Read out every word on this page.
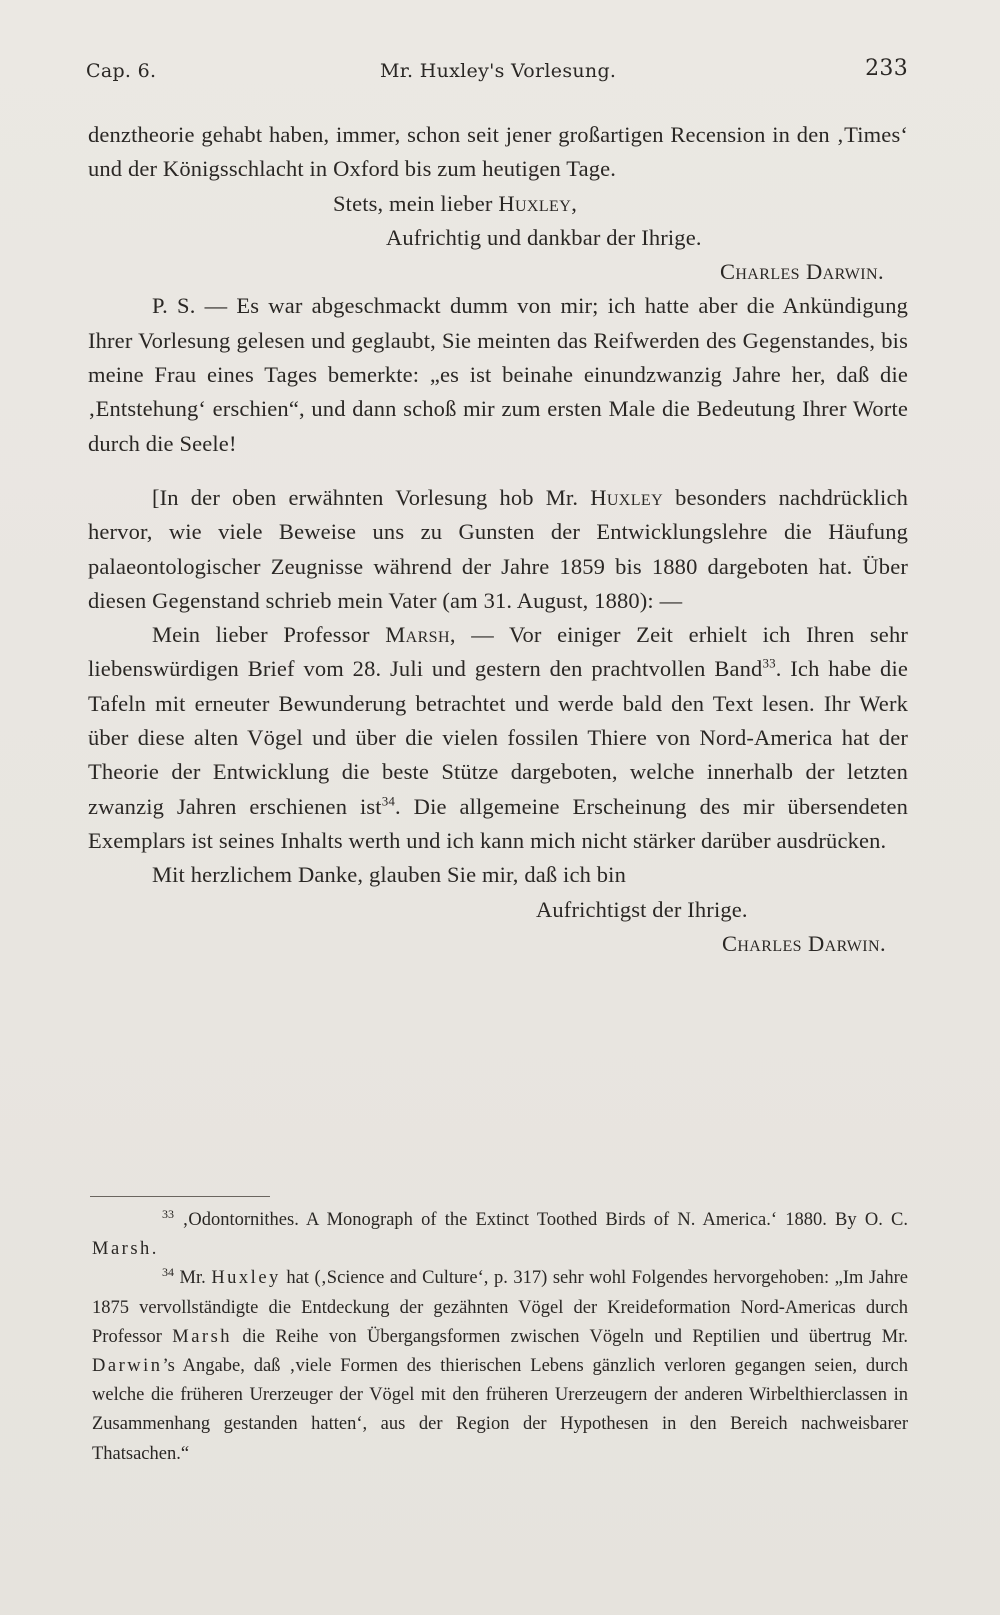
Cap. 6.	Mr. Huxley's Vorlesung.	233

denztheorie gehabt haben, immer, schon seit jener großartigen Recension in den ‚Times‘ und der Königsschlacht in Oxford bis zum heutigen Tage.

Stets, mein lieber Huxley,

Aufrichtig und dankbar der Ihrige.

Charles Darwin.

P. S. — Es war abgeschmackt dumm von mir; ich hatte aber die Ankündigung Ihrer Vorlesung gelesen und geglaubt, Sie meinten das Reifwerden des Gegenstandes, bis meine Frau eines Tages bemerkte: „es ist beinahe einundzwanzig Jahre her, daß die ‚Entstehung‘ erschien“, und dann schoß mir zum ersten Male die Bedeutung Ihrer Worte durch die Seele!

[In der oben erwähnten Vorlesung hob Mr. Huxley besonders nachdrücklich hervor, wie viele Beweise uns zu Gunsten der Entwicklungslehre die Häufung palaeontologischer Zeugnisse während der Jahre 1859 bis 1880 dargeboten hat. Über diesen Gegenstand schrieb mein Vater (am 31. August, 1880): —

Mein lieber Professor Marsh, — Vor einiger Zeit erhielt ich Ihren sehr liebenswürdigen Brief vom 28. Juli und gestern den prachtvollen Band$^{33}$. Ich habe die Tafeln mit erneuter Bewunderung betrachtet und werde bald den Text lesen. Ihr Werk über diese alten Vögel und über die vielen fossilen Thiere von Nord-America hat der Theorie der Entwicklung die beste Stütze dargeboten, welche innerhalb der letzten zwanzig Jahren erschienen ist$^{34}$. Die allgemeine Erscheinung des mir übersendeten Exemplars ist seines Inhalts werth und ich kann mich nicht stärker darüber ausdrücken.

Mit herzlichem Danke, glauben Sie mir, daß ich bin

Aufrichtigst der Ihrige.

Charles Darwin.

$^{33}$ ‚Odontornithes. A Monograph of the Extinct Toothed Birds of N. America.‘ 1880. By O. C. Marsh.

$^{34}$ Mr. Huxley hat (‚Science and Culture‘, p. 317) sehr wohl Folgendes hervorgehoben: „Im Jahre 1875 vervollständigte die Entdeckung der gezähnten Vögel der Kreideformation Nord-Americas durch Professor Marsh die Reihe von Übergangsformen zwischen Vögeln und Reptilien und übertrug Mr. Darwin’s Angabe, daß ‚viele Formen des thierischen Lebens gänzlich verloren gegangen seien, durch welche die früheren Urerzeuger der Vögel mit den früheren Urerzeugern der anderen Wirbelthierclassen in Zusammenhang gestanden hatten‘, aus der Region der Hypothesen in den Bereich nachweisbarer Thatsachen.“
